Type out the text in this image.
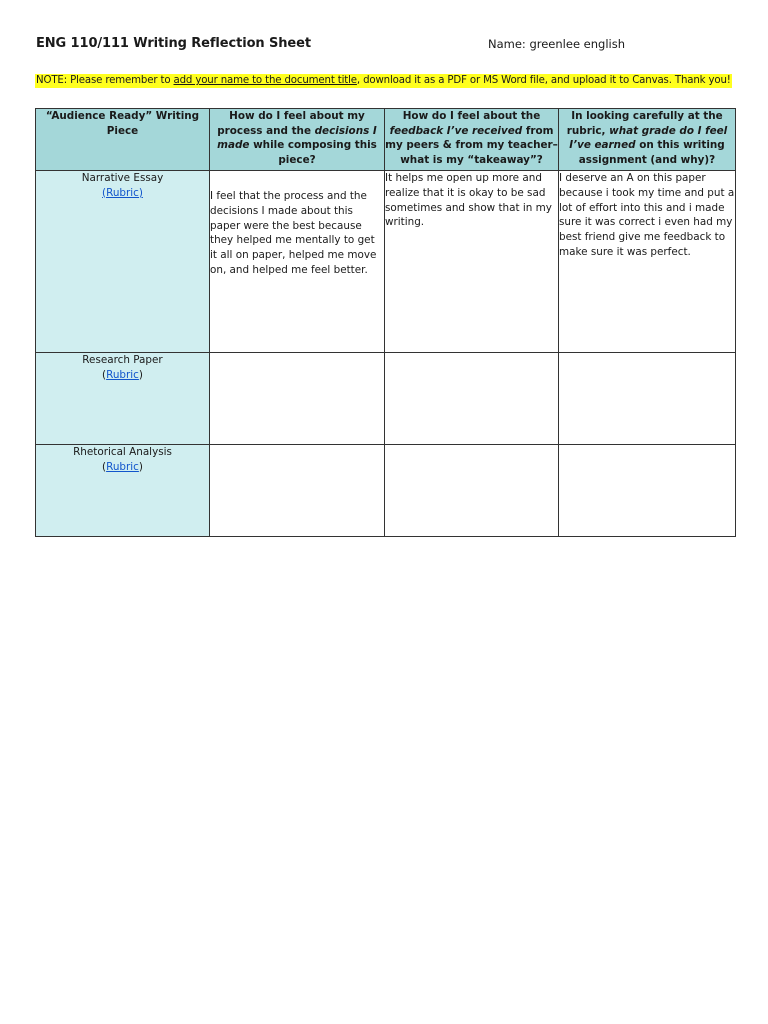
ENG 110/111 Writing Reflection Sheet	Name: greenlee english
NOTE: Please remember to add your name to the document title, download it as a PDF or MS Word file, and upload it to Canvas. Thank you!
“Audience Ready” Writing Piece	How do I feel about my process and the decisions I made while composing this piece?	How do I feel about the feedback I’ve received from my peers & from my teacher–what is my “takeaway”?	In looking carefully at the rubric, what grade do I feel I’ve earned on this writing assignment (and why)?

Narrative Essay
(Rubric)	I feel that the process and the decisions I made about this paper were the best because they helped me mentally to get it all on paper, helped me move on, and helped me feel better.	It helps me open up more and realize that it is okay to be sad sometimes and show that in my writing.	I deserve an A on this paper because i took my time and put a lot of effort into this and i made sure it was correct i even had my best friend give me feedback to make sure it was perfect.

Research Paper
(Rubric)			

Rhetorical Analysis
(Rubric)			
